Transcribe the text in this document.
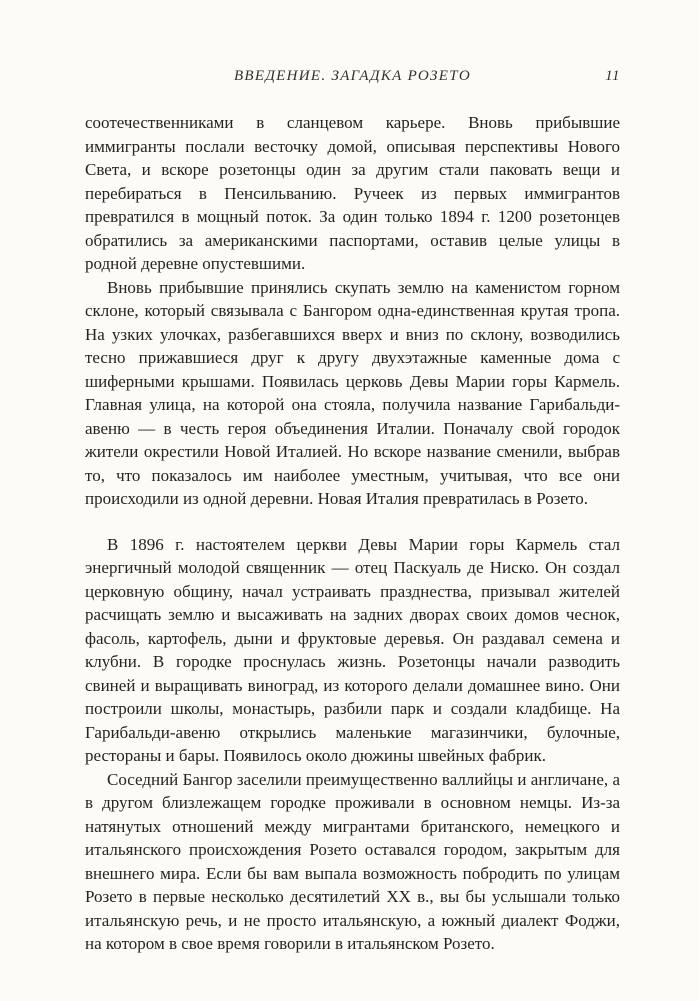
ВВЕДЕНИЕ. ЗАГАДКА РОЗЕТО	11

соотечественниками в сланцевом карьере. Вновь прибывшие иммигранты послали весточку домой, описывая перспективы Нового Света, и вскоре розетонцы один за другим стали паковать вещи и перебираться в Пенсильванию. Ручеек из первых иммигрантов превратился в мощный поток. За один только 1894 г. 1200 розетонцев обратились за американскими паспортами, оставив целые улицы в родной деревне опустевшими.

Вновь прибывшие принялись скупать землю на каменистом горном склоне, который связывала с Бангором одна-единственная крутая тропа. На узких улочках, разбегавшихся вверх и вниз по склону, возводились тесно прижавшиеся друг к другу двухэтажные каменные дома с шиферными крышами. Появилась церковь Девы Марии горы Кармель. Главная улица, на которой она стояла, получила название Гарибальди-авеню — в честь героя объединения Италии. Поначалу свой городок жители окрестили Новой Италией. Но вскоре название сменили, выбрав то, что показалось им наиболее уместным, учитывая, что все они происходили из одной деревни. Новая Италия превратилась в Розето.

В 1896 г. настоятелем церкви Девы Марии горы Кармель стал энергичный молодой священник — отец Паскуаль де Ниско. Он создал церковную общину, начал устраивать празднества, призывал жителей расчищать землю и высаживать на задних дворах своих домов чеснок, фасоль, картофель, дыни и фруктовые деревья. Он раздавал семена и клубни. В городке проснулась жизнь. Розетонцы начали разводить свиней и выращивать виноград, из которого делали домашнее вино. Они построили школы, монастырь, разбили парк и создали кладбище. На Гарибальди-авеню открылись маленькие магазинчики, булочные, рестораны и бары. Появилось около дюжины швейных фабрик.

Соседний Бангор заселили преимущественно валлийцы и англичане, а в другом близлежащем городке проживали в основном немцы. Из-за натянутых отношений между мигрантами британского, немецкого и итальянского происхождения Розето оставался городом, закрытым для внешнего мира. Если бы вам выпала возможность побродить по улицам Розето в первые несколько десятилетий XX в., вы бы услышали только итальянскую речь, и не просто итальянскую, а южный диалект Фоджи, на котором в свое время говорили в итальянском Розето.
